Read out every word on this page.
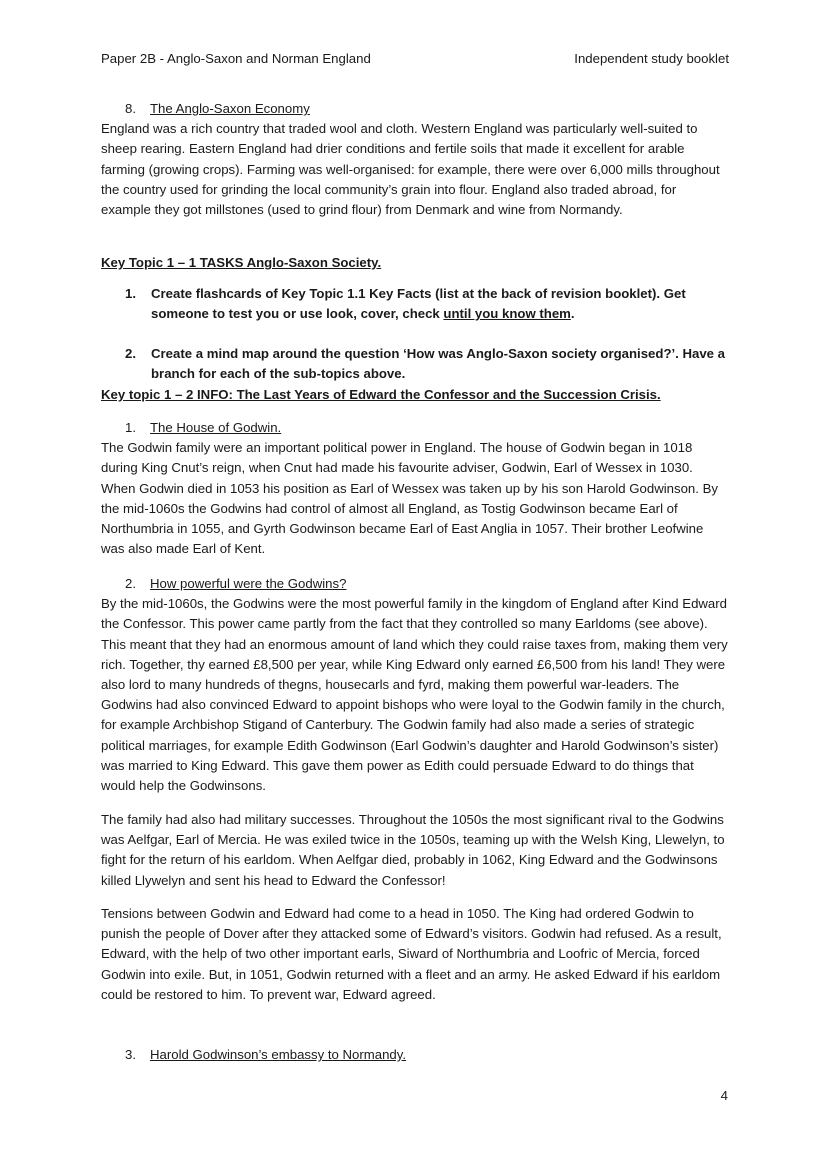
Paper 2B - Anglo-Saxon and Norman England	Independent study booklet

8. The Anglo-Saxon Economy

England was a rich country that traded wool and cloth. Western England was particularly well-suited to sheep rearing. Eastern England had drier conditions and fertile soils that made it excellent for arable farming (growing crops). Farming was well-organised: for example, there were over 6,000 mills throughout the country used for grinding the local community’s grain into flour. England also traded abroad, for example they got millstones (used to grind flour) from Denmark and wine from Normandy.

Key Topic 1 – 1 TASKS Anglo-Saxon Society.
1.	Create flashcards of Key Topic 1.1 Key Facts (list at the back of revision booklet). Get someone to test you or use look, cover, check until you know them.
2.	Create a mind map around the question ‘How was Anglo-Saxon society organised?’. Have a branch for each of the sub-topics above.
Key topic 1 – 2 INFO: The Last Years of Edward the Confessor and the Succession Crisis.

1. The House of Godwin.

The Godwin family were an important political power in England. The house of Godwin began in 1018 during King Cnut’s reign, when Cnut had made his favourite adviser, Godwin, Earl of Wessex in 1030. When Godwin died in 1053 his position as Earl of Wessex was taken up by his son Harold Godwinson. By the mid-1060s the Godwins had control of almost all England, as Tostig Godwinson became Earl of Northumbria in 1055, and Gyrth Godwinson became Earl of East Anglia in 1057. Their brother Leofwine was also made Earl of Kent.

2. How powerful were the Godwins?

By the mid-1060s, the Godwins were the most powerful family in the kingdom of England after Kind Edward the Confessor. This power came partly from the fact that they controlled so many Earldoms (see above). This meant that they had an enormous amount of land which they could raise taxes from, making them very rich. Together, thy earned £8,500 per year, while King Edward only earned £6,500 from his land! They were also lord to many hundreds of thegns, housecarls and fyrd, making them powerful war-leaders. The Godwins had also convinced Edward to appoint bishops who were loyal to the Godwin family in the church, for example Archbishop Stigand of Canterbury. The Godwin family had also made a series of strategic political marriages, for example Edith Godwinson (Earl Godwin’s daughter and Harold Godwinson’s sister) was married to King Edward. This gave them power as Edith could persuade Edward to do things that would help the Godwinsons.

The family had also had military successes. Throughout the 1050s the most significant rival to the Godwins was Aelfgar, Earl of Mercia. He was exiled twice in the 1050s, teaming up with the Welsh King, Llewelyn, to fight for the return of his earldom. When Aelfgar died, probably in 1062, King Edward and the Godwinsons killed Llywelyn and sent his head to Edward the Confessor!
Tensions between Godwin and Edward had come to a head in 1050. The King had ordered Godwin to punish the people of Dover after they attacked some of Edward’s visitors. Godwin had refused. As a result, Edward, with the help of two other important earls, Siward of Northumbria and Loofric of Mercia, forced Godwin into exile. But, in 1051, Godwin returned with a fleet and an army. He asked Edward if his earldom could be restored to him. To prevent war, Edward agreed.

3. Harold Godwinson’s embassy to Normandy.

4
